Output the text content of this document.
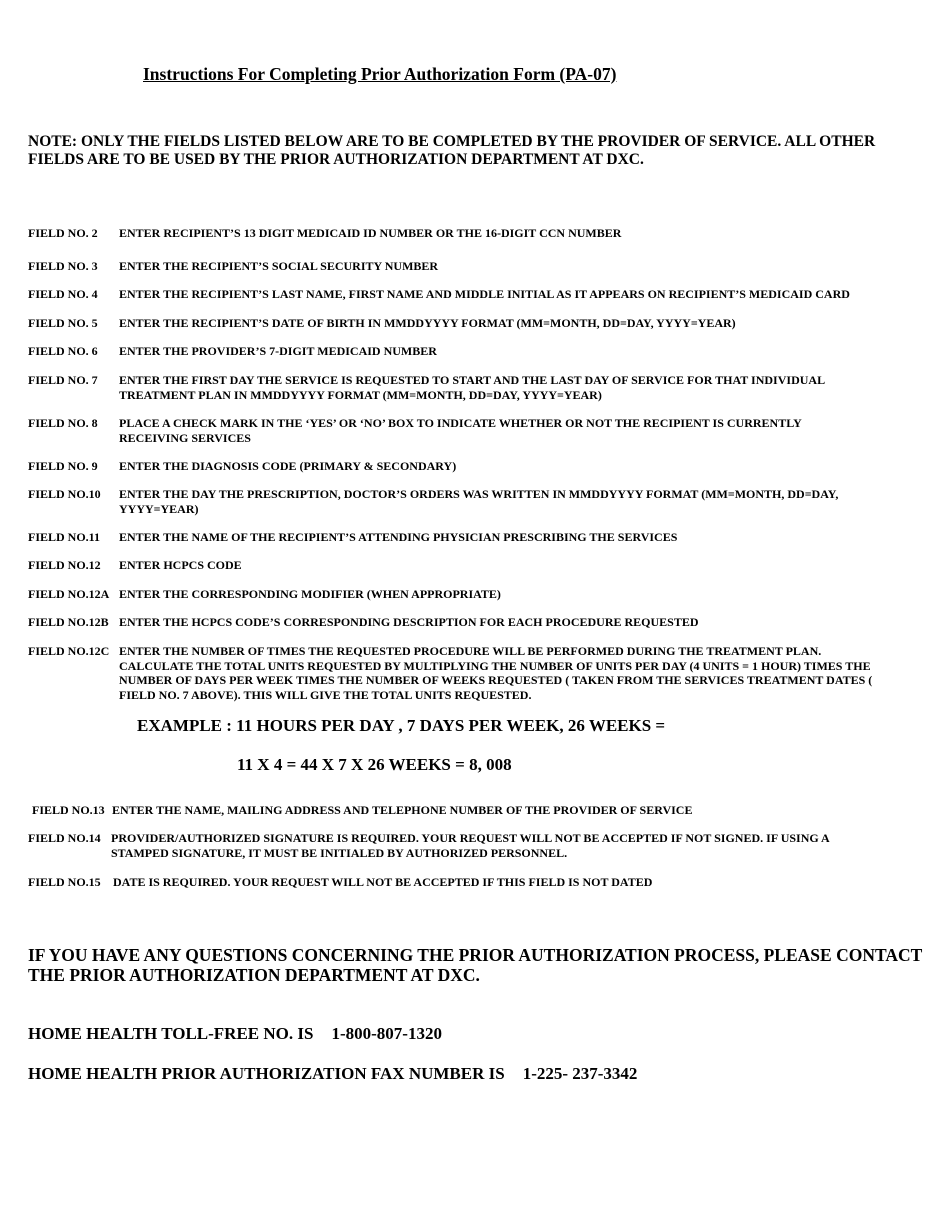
Instructions For Completing Prior Authorization Form (PA-07)
NOTE: ONLY THE FIELDS LISTED BELOW ARE TO BE COMPLETED BY THE PROVIDER OF SERVICE. ALL OTHER FIELDS ARE TO BE USED BY THE PRIOR AUTHORIZATION DEPARTMENT AT DXC.
FIELD NO. 2 ENTER RECIPIENT’S 13 DIGIT MEDICAID ID NUMBER OR THE 16-DIGIT CCN NUMBER
FIELD NO. 3 ENTER THE RECIPIENT’S SOCIAL SECURITY NUMBER
FIELD NO. 4 ENTER THE RECIPIENT’S LAST NAME, FIRST NAME AND MIDDLE INITIAL AS IT APPEARS ON RECIPIENT’S MEDICAID CARD
FIELD NO. 5 ENTER THE RECIPIENT’S DATE OF BIRTH IN MMDDYYYY FORMAT (MM=MONTH, DD=DAY, YYYY=YEAR)
FIELD NO. 6 ENTER THE PROVIDER’S 7-DIGIT MEDICAID NUMBER
FIELD NO. 7 ENTER THE FIRST DAY THE SERVICE IS REQUESTED TO START AND THE LAST DAY OF SERVICE FOR THAT INDIVIDUAL TREATMENT PLAN IN MMDDYYYY FORMAT (MM=MONTH, DD=DAY, YYYY=YEAR)
FIELD NO. 8 PLACE A CHECK MARK IN THE ‘YES’ OR ‘NO’ BOX TO INDICATE WHETHER OR NOT THE RECIPIENT IS CURRENTLY RECEIVING SERVICES
FIELD NO. 9 ENTER THE DIAGNOSIS CODE (PRIMARY & SECONDARY)
FIELD NO.10 ENTER THE DAY THE PRESCRIPTION, DOCTOR’S ORDERS WAS WRITTEN IN MMDDYYYY FORMAT (MM=MONTH, DD=DAY, YYYY=YEAR)
FIELD NO.11 ENTER THE NAME OF THE RECIPIENT’S ATTENDING PHYSICIAN PRESCRIBING THE SERVICES
FIELD NO.12 ENTER HCPCS CODE
FIELD NO.12A ENTER THE CORRESPONDING MODIFIER (WHEN APPROPRIATE)
FIELD NO.12B ENTER THE HCPCS CODE’S CORRESPONDING DESCRIPTION FOR EACH PROCEDURE REQUESTED
FIELD NO.12C ENTER THE NUMBER OF TIMES THE REQUESTED PROCEDURE WILL BE PERFORMED DURING THE TREATMENT PLAN. CALCULATE THE TOTAL UNITS REQUESTED BY MULTIPLYING THE NUMBER OF UNITS PER DAY (4 UNITS = 1 HOUR) TIMES THE NUMBER OF DAYS PER WEEK TIMES THE NUMBER OF WEEKS REQUESTED ( TAKEN FROM THE SERVICES TREATMENT DATES ( FIELD NO. 7 ABOVE). THIS WILL GIVE THE TOTAL UNITS REQUESTED.
EXAMPLE : 11 HOURS PER DAY , 7 DAYS PER WEEK, 26 WEEKS =
11 X 4 = 44 X 7 X 26 WEEKS = 8, 008
FIELD NO.13 ENTER THE NAME, MAILING ADDRESS AND TELEPHONE NUMBER OF THE PROVIDER OF SERVICE
FIELD NO.14 PROVIDER/AUTHORIZED SIGNATURE IS REQUIRED. YOUR REQUEST WILL NOT BE ACCEPTED IF NOT SIGNED. IF USING A STAMPED SIGNATURE, IT MUST BE INITIALED BY AUTHORIZED PERSONNEL.
FIELD NO.15 DATE IS REQUIRED. YOUR REQUEST WILL NOT BE ACCEPTED IF THIS FIELD IS NOT DATED
IF YOU HAVE ANY QUESTIONS CONCERNING THE PRIOR AUTHORIZATION PROCESS, PLEASE CONTACT THE PRIOR AUTHORIZATION DEPARTMENT AT DXC.
HOME HEALTH TOLL-FREE NO. IS 1-800-807-1320
HOME HEALTH PRIOR AUTHORIZATION FAX NUMBER IS 1-225- 237-3342
